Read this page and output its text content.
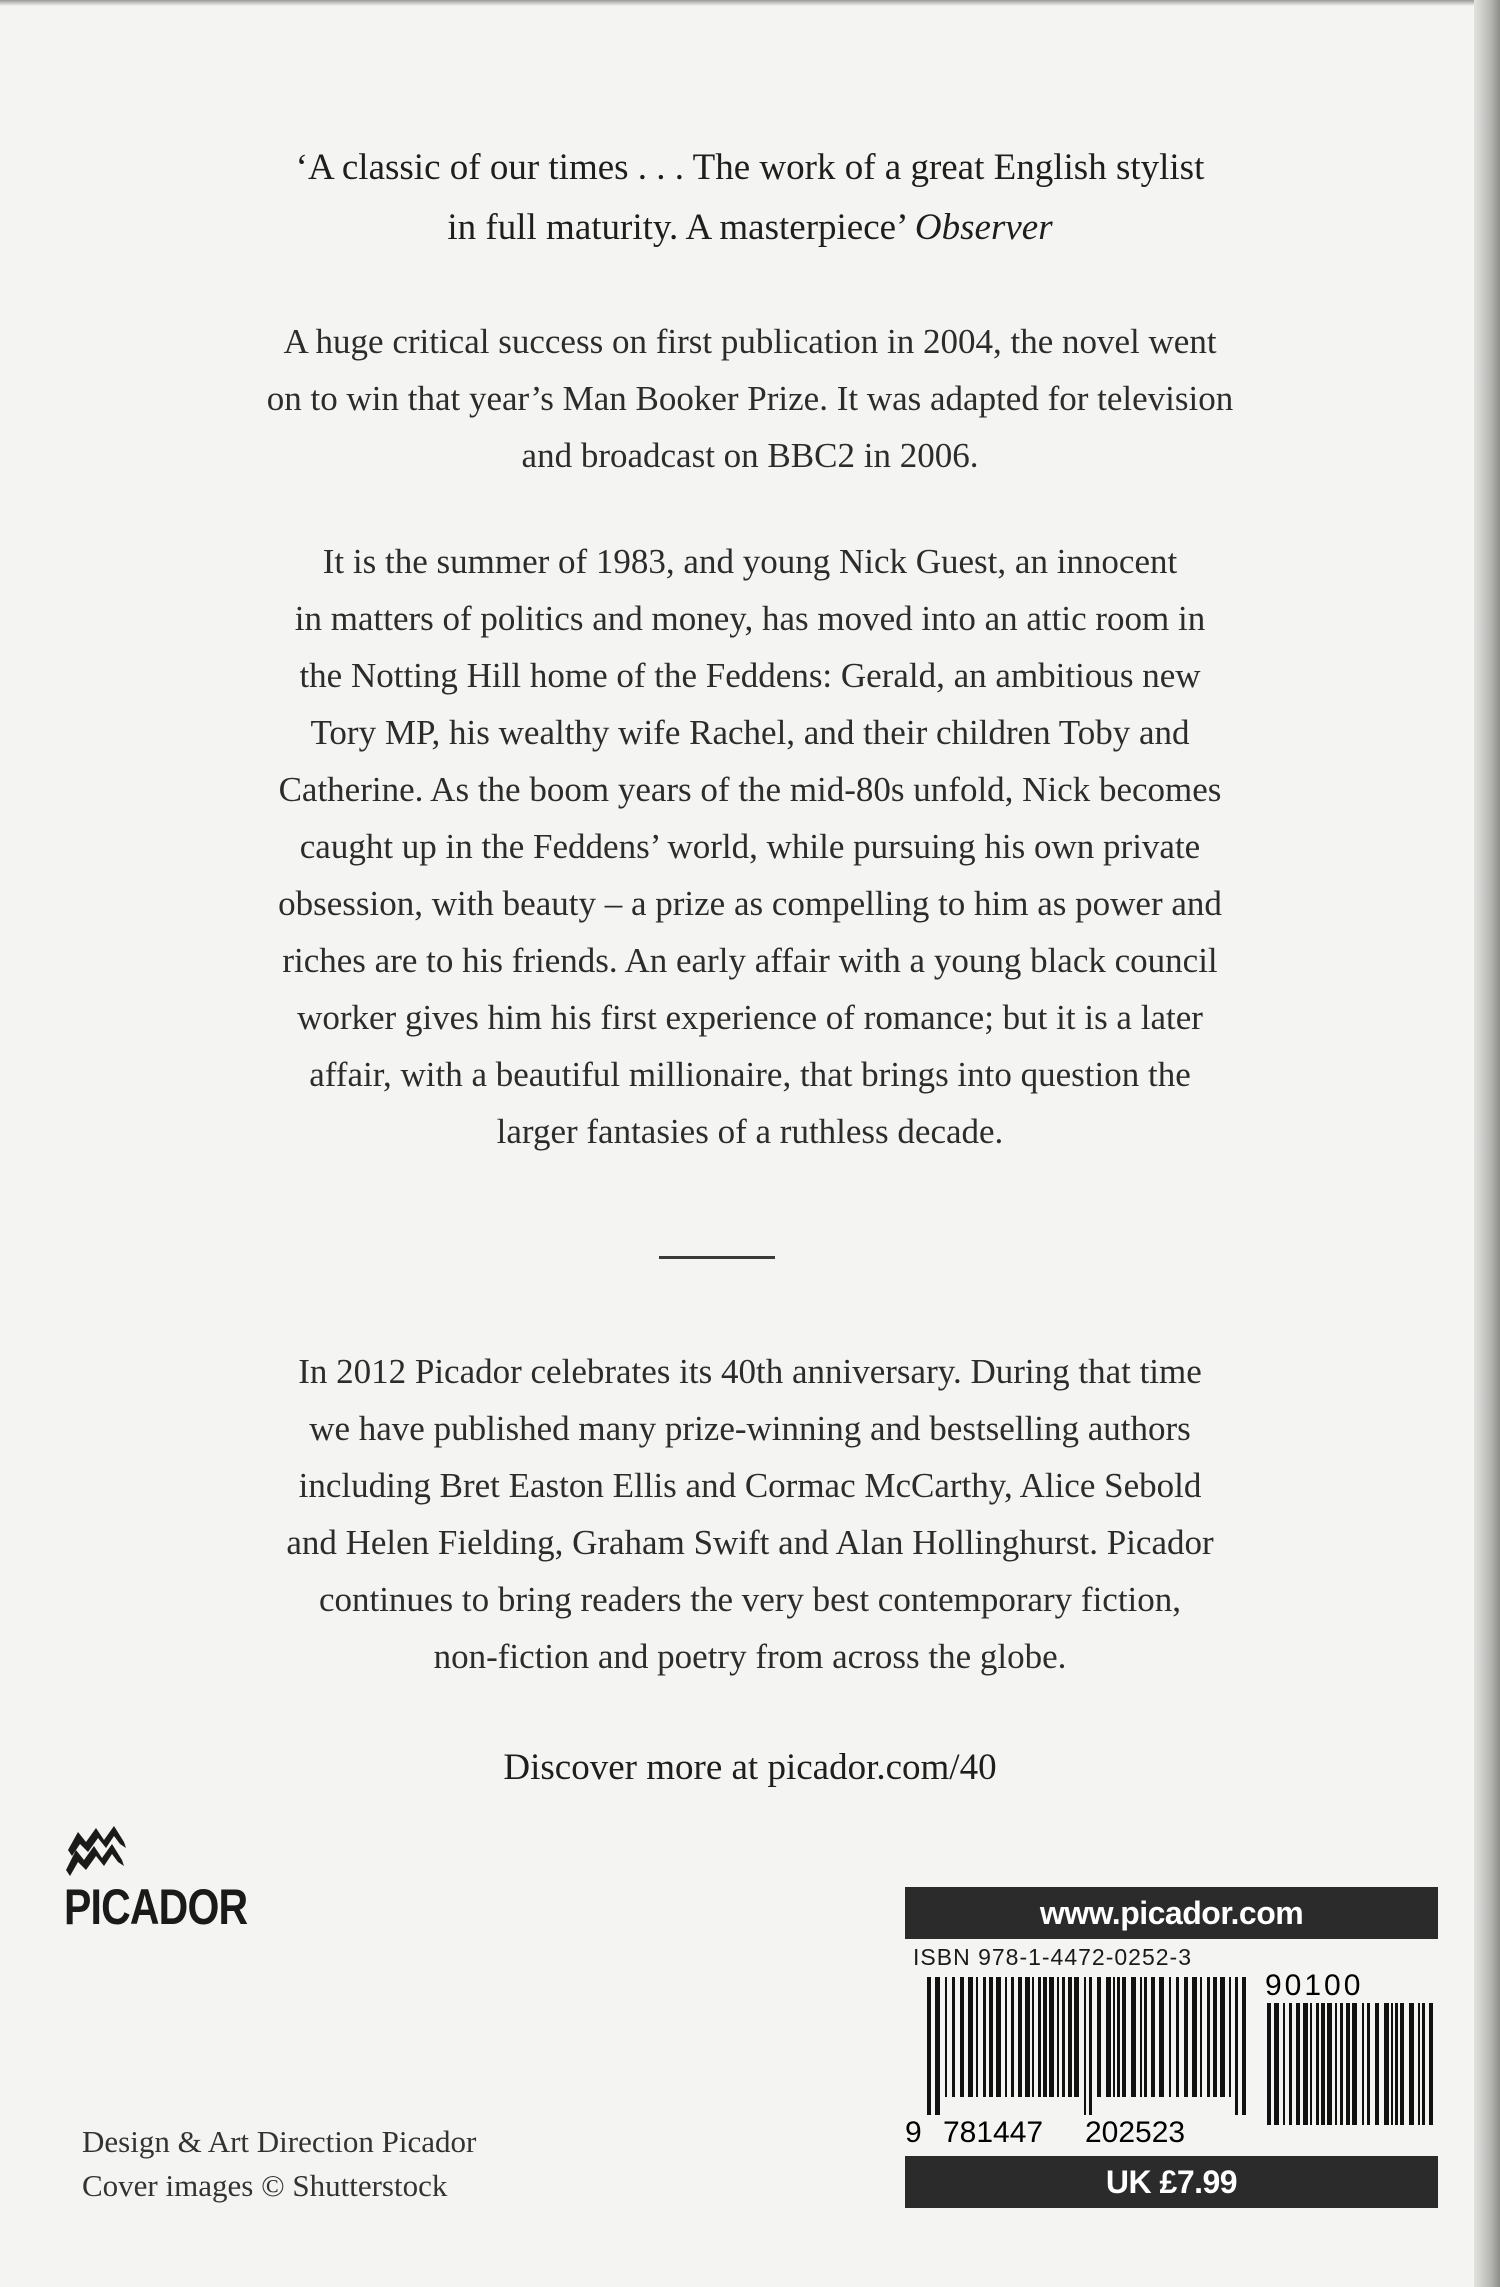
‘A classic of our times . . . The work of a great English stylist
in full maturity. A masterpiece’ Observer
A huge critical success on first publication in 2004, the novel went
on to win that year’s Man Booker Prize. It was adapted for television
and broadcast on BBC2 in 2006.
It is the summer of 1983, and young Nick Guest, an innocent
in matters of politics and money, has moved into an attic room in
the Notting Hill home of the Feddens: Gerald, an ambitious new
Tory MP, his wealthy wife Rachel, and their children Toby and
Catherine. As the boom years of the mid-80s unfold, Nick becomes
caught up in the Feddens’ world, while pursuing his own private
obsession, with beauty – a prize as compelling to him as power and
riches are to his friends. An early affair with a young black council
worker gives him his first experience of romance; but it is a later
affair, with a beautiful millionaire, that brings into question the
larger fantasies of a ruthless decade.
In 2012 Picador celebrates its 40th anniversary. During that time
we have published many prize-winning and bestselling authors
including Bret Easton Ellis and Cormac McCarthy, Alice Sebold
and Helen Fielding, Graham Swift and Alan Hollinghurst. Picador
continues to bring readers the very best contemporary fiction,
non-fiction and poetry from across the globe.
Discover more at picador.com/40
PICADOR
Design & Art Direction Picador
Cover images © Shutterstock
www.picador.com
ISBN 978-1-4472-0252-3
9 781447 202523
90100
UK £7.99
